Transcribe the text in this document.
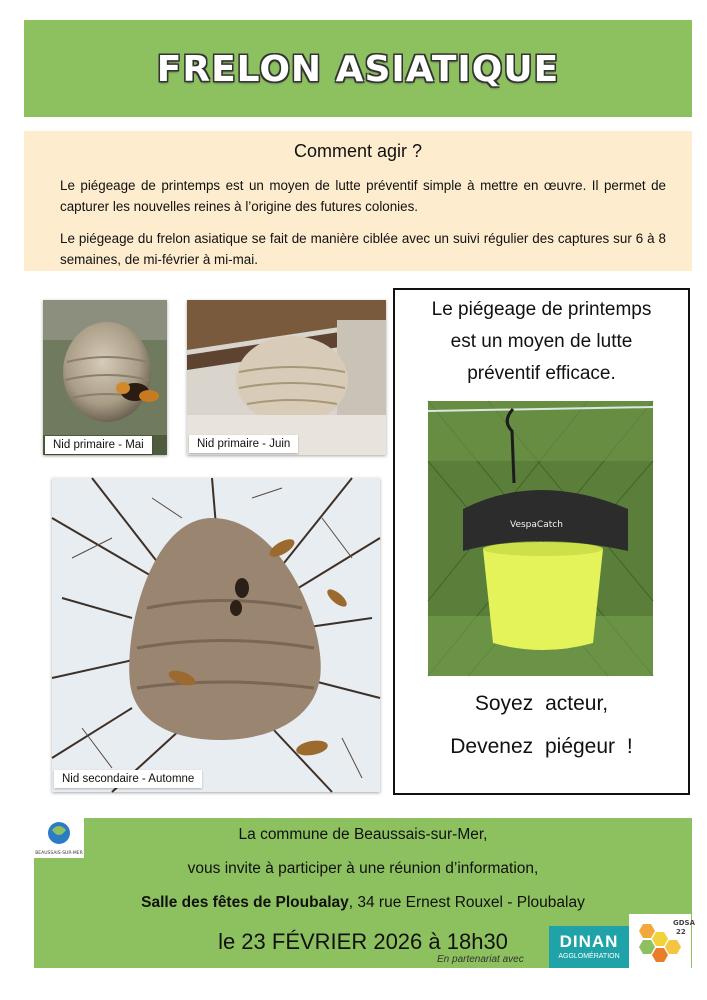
FRELON ASIATIQUE
Comment agir ?
Le piégeage de printemps est un moyen de lutte préventif simple à mettre en œuvre. Il permet de capturer les nouvelles reines à l’origine des futures colonies.
Le piégeage du frelon asiatique se fait de manière ciblée avec un suivi régulier des captures sur 6 à 8 semaines, de mi-février à mi-mai.
Nid primaire - Mai	Nid primaire - Juin
Nid secondaire - Automne
Le piégeage de printemps
est un moyen de lutte
préventif efficace.
VespaCatch
Soyez acteur,
Devenez piégeur !
La commune de Beaussais-sur-Mer,
vous invite à participer à une réunion d’information,
Salle des fêtes de Ploubalay, 34 rue Ernest Rouxel - Ploubalay
le 23 FÉVRIER 2026 à 18h30
BEAUSSAIS-SUR-MER
En partenariat avec
DINAN
AGGLOMÉRATION
GDSA
22
